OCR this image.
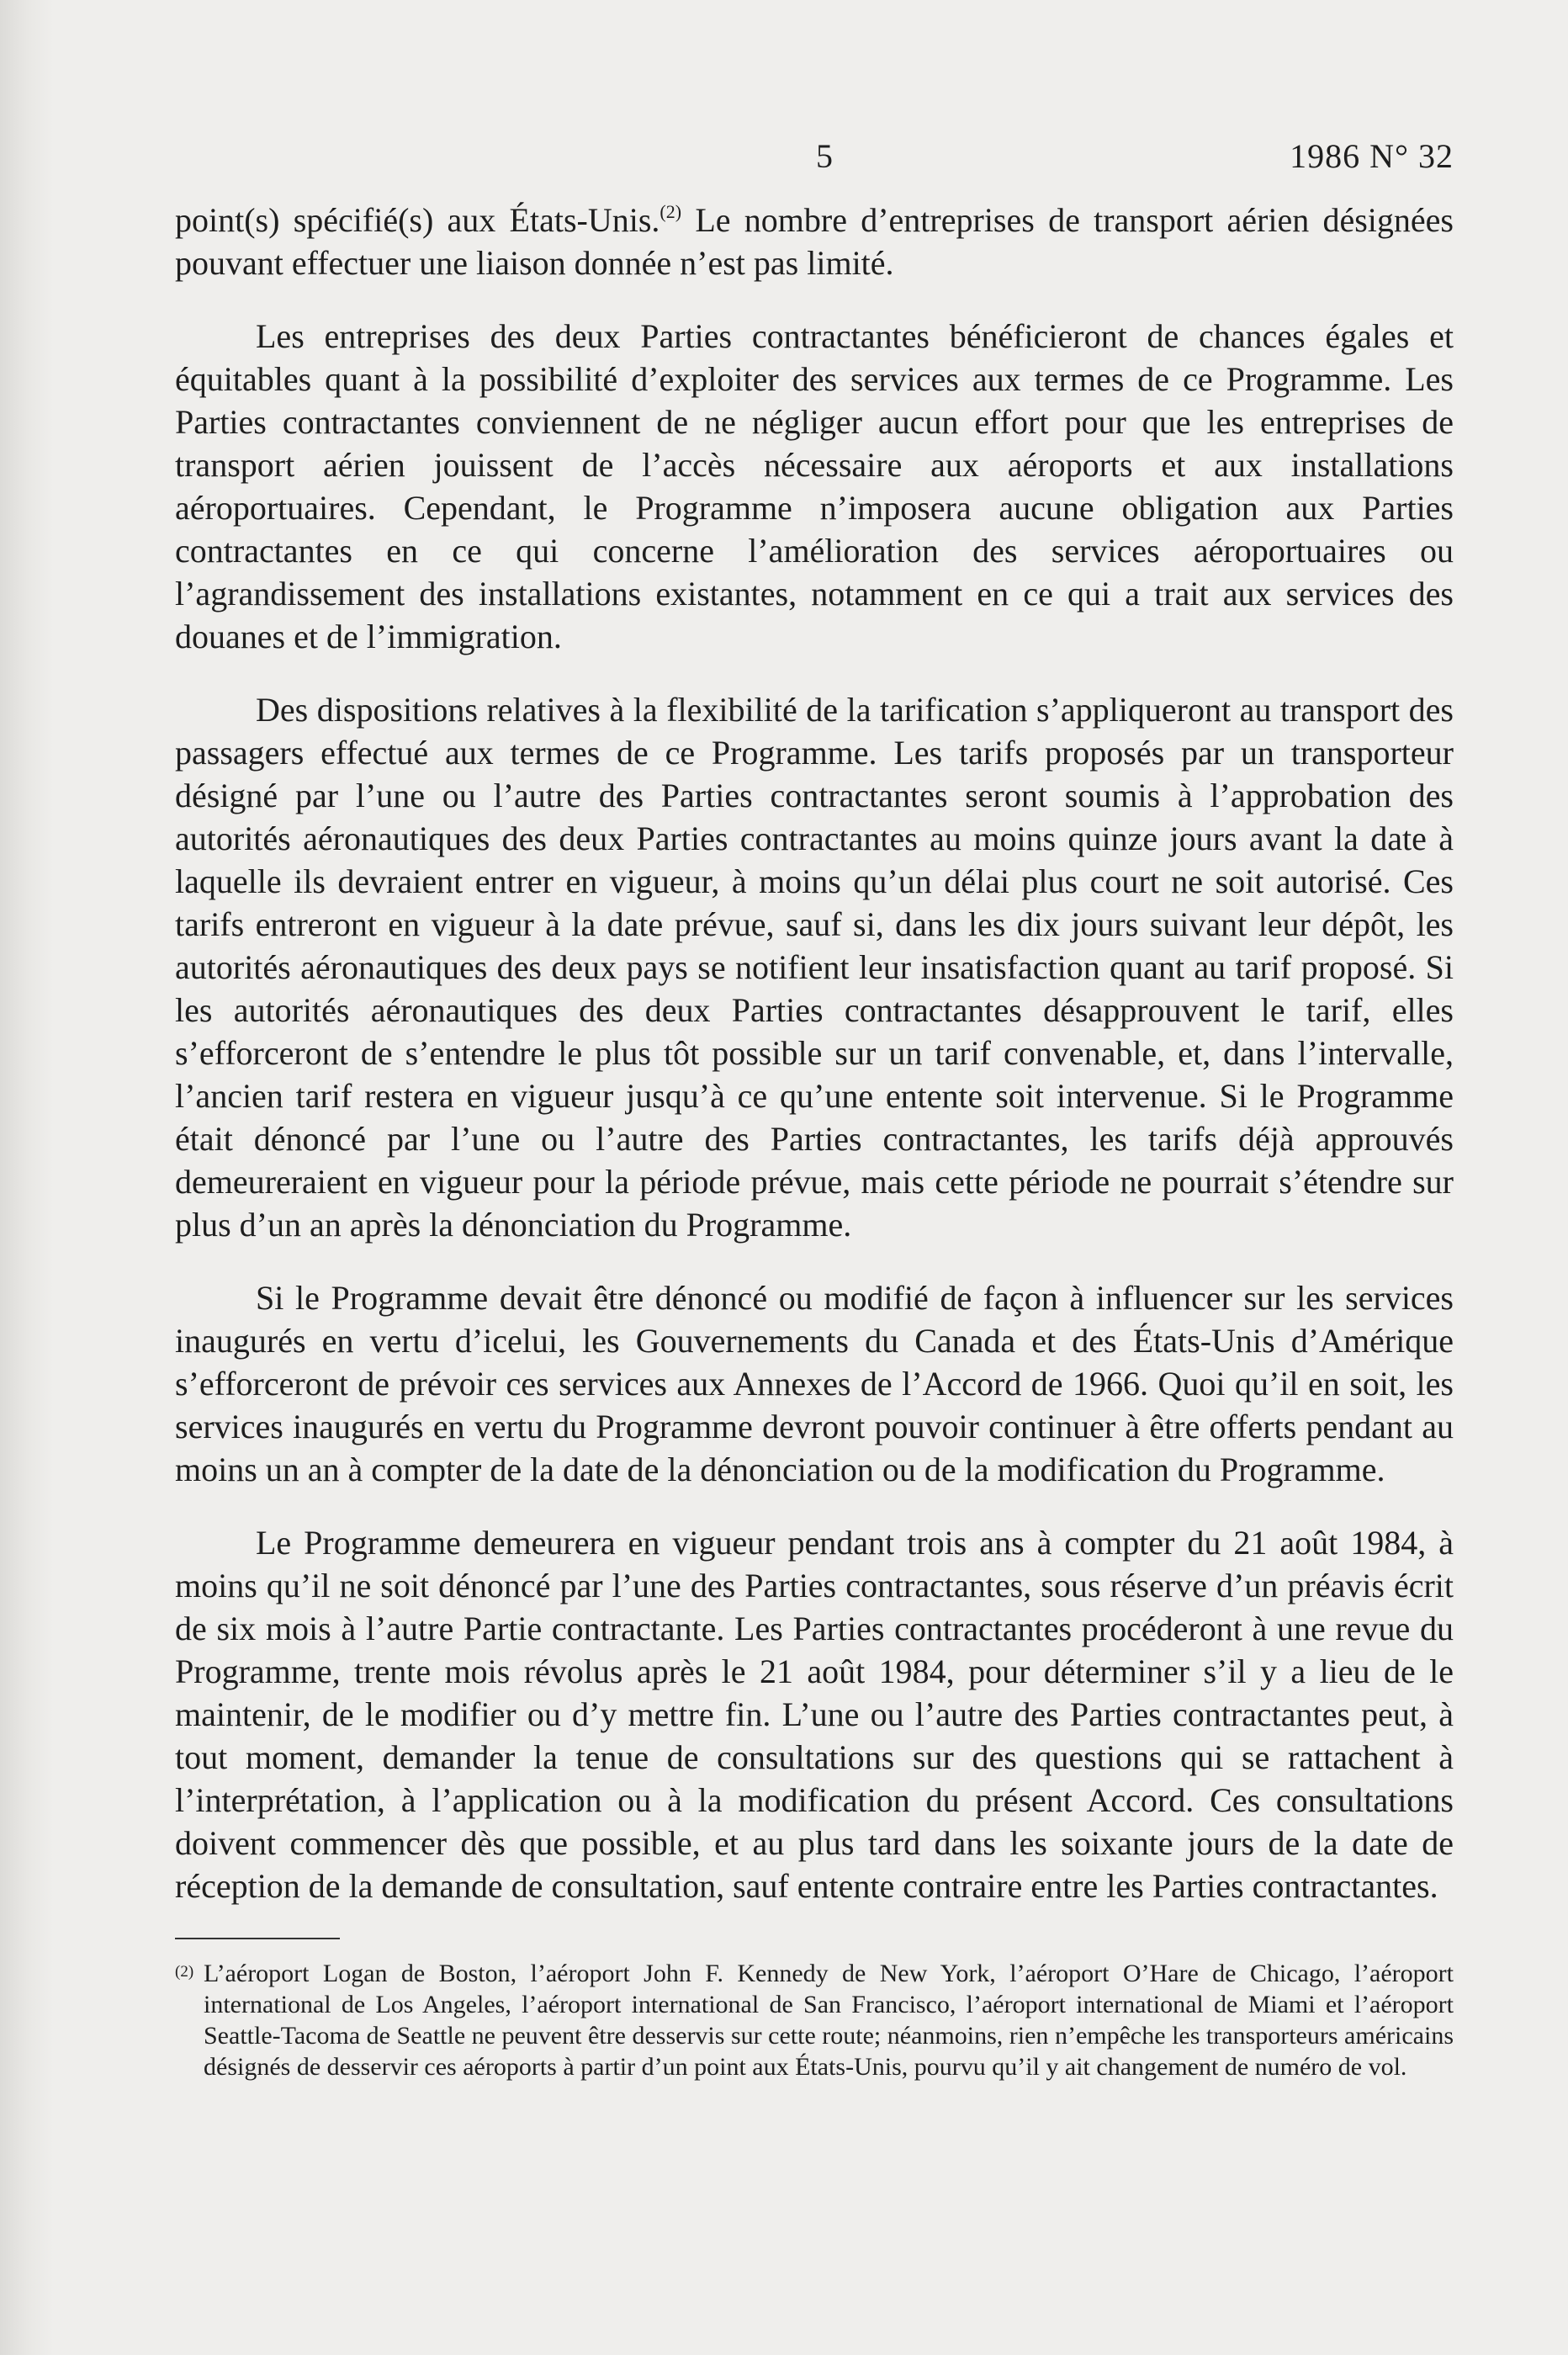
5	1986 N° 32

point(s) spécifié(s) aux États-Unis.$^{(2)}$ Le nombre d’entreprises de transport aérien désignées pouvant effectuer une liaison donnée n’est pas limité.

Les entreprises des deux Parties contractantes bénéficieront de chances égales et équitables quant à la possibilité d’exploiter des services aux termes de ce Programme. Les Parties contractantes conviennent de ne négliger aucun effort pour que les entreprises de transport aérien jouissent de l’accès nécessaire aux aéroports et aux installations aéroportuaires. Cependant, le Programme n’imposera aucune obligation aux Parties contractantes en ce qui concerne l’amélioration des services aéroportuaires ou l’agrandissement des installations existantes, notamment en ce qui a trait aux services des douanes et de l’immigration.

Des dispositions relatives à la flexibilité de la tarification s’appliqueront au transport des passagers effectué aux termes de ce Programme. Les tarifs proposés par un transporteur désigné par l’une ou l’autre des Parties contractantes seront soumis à l’approbation des autorités aéronautiques des deux Parties contractantes au moins quinze jours avant la date à laquelle ils devraient entrer en vigueur, à moins qu’un délai plus court ne soit autorisé. Ces tarifs entreront en vigueur à la date prévue, sauf si, dans les dix jours suivant leur dépôt, les autorités aéronautiques des deux pays se notifient leur insatisfaction quant au tarif proposé. Si les autorités aéronautiques des deux Parties contractantes désapprouvent le tarif, elles s’efforceront de s’entendre le plus tôt possible sur un tarif convenable, et, dans l’intervalle, l’ancien tarif restera en vigueur jusqu’à ce qu’une entente soit intervenue. Si le Programme était dénoncé par l’une ou l’autre des Parties contractantes, les tarifs déjà approuvés demeureraient en vigueur pour la période prévue, mais cette période ne pourrait s’étendre sur plus d’un an après la dénonciation du Programme.

Si le Programme devait être dénoncé ou modifié de façon à influencer sur les services inaugurés en vertu d’icelui, les Gouvernements du Canada et des États-Unis d’Amérique s’efforceront de prévoir ces services aux Annexes de l’Accord de 1966. Quoi qu’il en soit, les services inaugurés en vertu du Programme devront pouvoir continuer à être offerts pendant au moins un an à compter de la date de la dénonciation ou de la modification du Programme.

Le Programme demeurera en vigueur pendant trois ans à compter du 21 août 1984, à moins qu’il ne soit dénoncé par l’une des Parties contractantes, sous réserve d’un préavis écrit de six mois à l’autre Partie contractante. Les Parties contractantes procéderont à une revue du Programme, trente mois révolus après le 21 août 1984, pour déterminer s’il y a lieu de le maintenir, de le modifier ou d’y mettre fin. L’une ou l’autre des Parties contractantes peut, à tout moment, demander la tenue de consultations sur des questions qui se rattachent à l’interprétation, à l’application ou à la modification du présent Accord. Ces consultations doivent commencer dès que possible, et au plus tard dans les soixante jours de la date de réception de la demande de consultation, sauf entente contraire entre les Parties contractantes.

(2) L’aéroport Logan de Boston, l’aéroport John F. Kennedy de New York, l’aéroport O’Hare de Chicago, l’aéroport international de Los Angeles, l’aéroport international de San Francisco, l’aéroport international de Miami et l’aéroport Seattle-Tacoma de Seattle ne peuvent être desservis sur cette route; néanmoins, rien n’empêche les transporteurs américains désignés de desservir ces aéroports à partir d’un point aux États-Unis, pourvu qu’il y ait changement de numéro de vol.
